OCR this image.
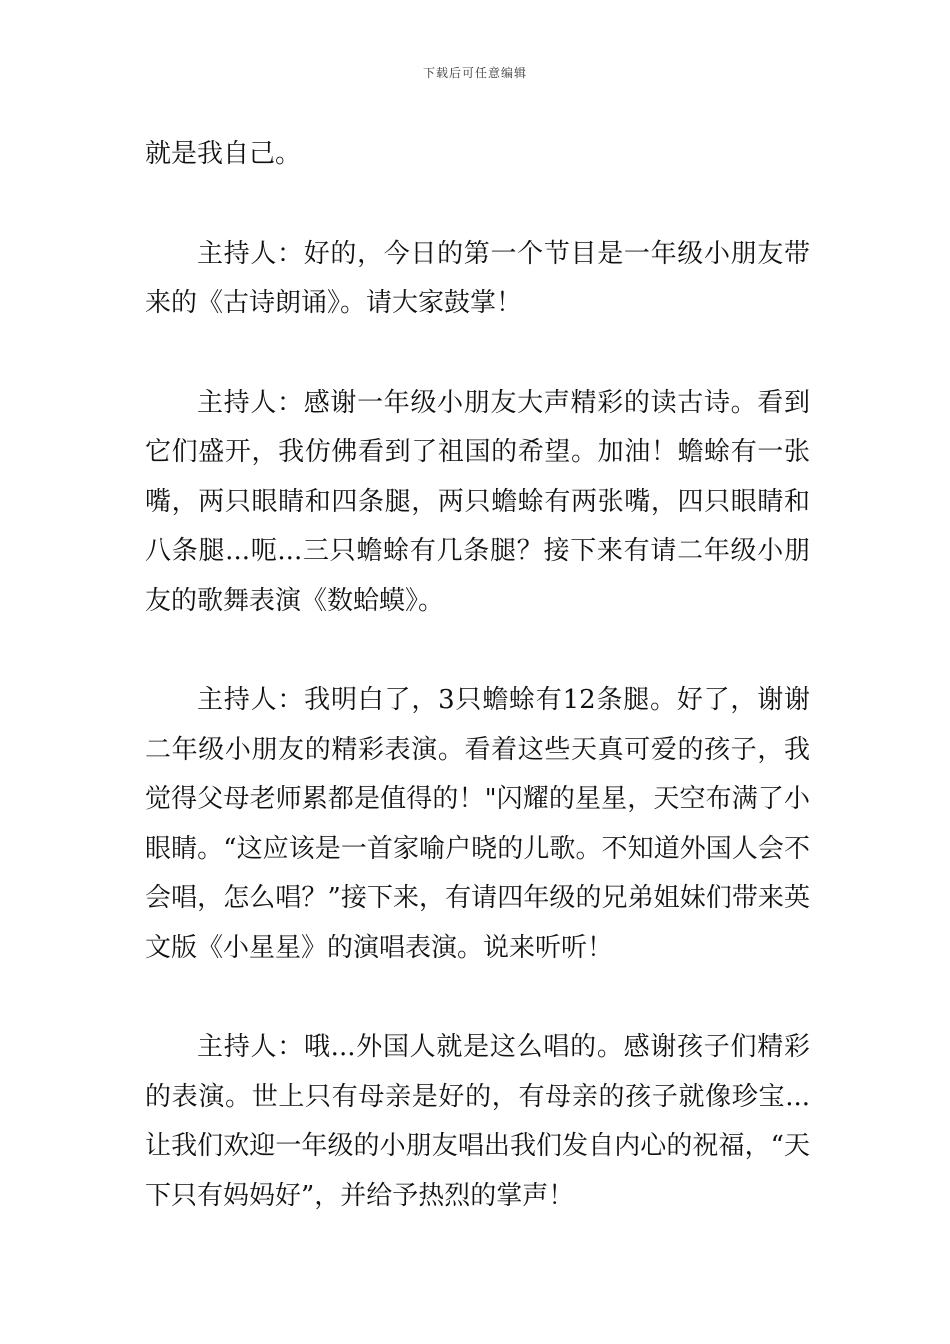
下载后可任意编辑

就是我自己。

主持人：好的，今日的第一个节目是一年级小朋友带来的《古诗朗诵》。请大家鼓掌！

主持人：感谢一年级小朋友大声精彩的读古诗。看到它们盛开，我仿佛看到了祖国的希望。加油！蟾蜍有一张嘴，两只眼睛和四条腿，两只蟾蜍有两张嘴，四只眼睛和八条腿...呃...三只蟾蜍有几条腿？接下来有请二年级小朋友的歌舞表演《数蛤蟆》。

主持人：我明白了，3只蟾蜍有12条腿。好了，谢谢二年级小朋友的精彩表演。看着这些天真可爱的孩子，我觉得父母老师累都是值得的！"闪耀的星星，天空布满了小眼睛。“这应该是一首家喻户晓的儿歌。不知道外国人会不会唱，怎么唱？”接下来，有请四年级的兄弟姐妹们带来英文版《小星星》的演唱表演。说来听听！

主持人：哦...外国人就是这么唱的。感谢孩子们精彩的表演。世上只有母亲是好的，有母亲的孩子就像珍宝...让我们欢迎一年级的小朋友唱出我们发自内心的祝福，“天下只有妈妈好”，并给予热烈的掌声！
